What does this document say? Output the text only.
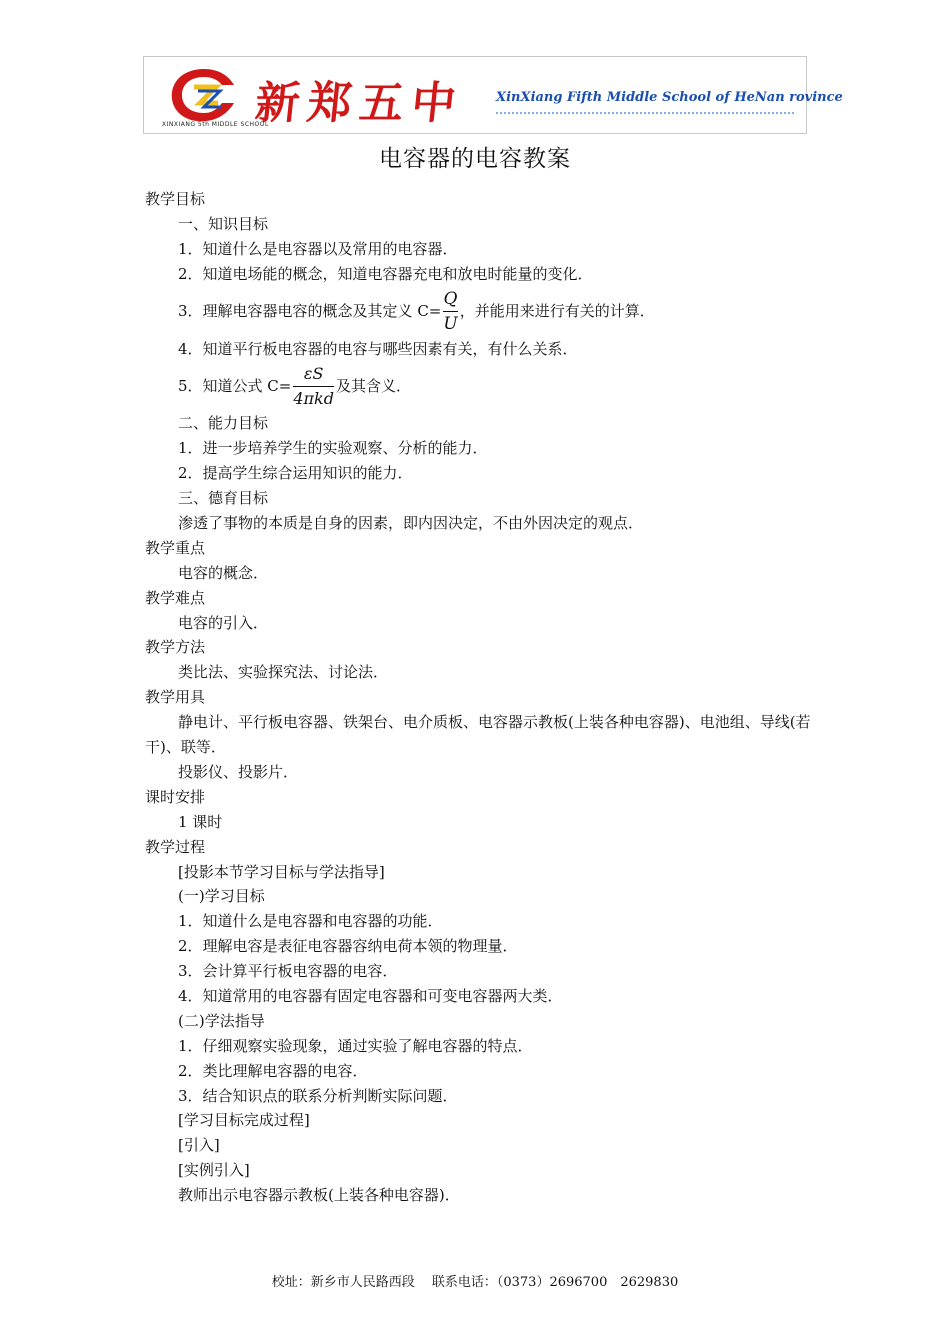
XINXIANG 5th MIDDLE SCHOOL
新郑五中 XinXiang Fifth Middle School of HeNan rovince
电容器的电容教案
教学目标
一、知识目标
1．知道什么是电容器以及常用的电容器．
2．知道电场能的概念，知道电容器充电和放电时能量的变化．
3．理解电容器电容的概念及其定义 $C= \frac{Q}{U}$ ，并能用来进行有关的计算．
4．知道平行板电容器的电容与哪些因素有关，有什么关系．
5．知道公式 $C= \frac{\varepsilon S}{\text{4πkd}}$ 及其含义．
二、能力目标
1．进一步培养学生的实验观察、分析的能力．
2．提高学生综合运用知识的能力．
三、德育目标
渗透了事物的本质是自身的因素，即内因决定，不由外因决定的观点．
教学重点
电容的概念．
教学难点
电容的引入．
教学方法
类比法、实验探究法、讨论法．
教学用具
静电计、平行板电容器、铁架台、电介质板、电容器示教板(上装各种电容器)、电池组、导线(若干)、联等．
投影仪、投影片．
课时安排
1 课时
教学过程
[投影本节学习目标与学法指导]
(一)学习目标
1．知道什么是电容器和电容器的功能．
2．理解电容是表征电容器容纳电荷本领的物理量．
3．会计算平行板电容器的电容．
4．知道常用的电容器有固定电容器和可变电容器两大类．
(二)学法指导
1．仔细观察实验现象，通过实验了解电容器的特点．
2．类比理解电容器的电容．
3．结合知识点的联系分析判断实际问题．
[学习目标完成过程]
[引入]
[实例引入]
教师出示电容器示教板(上装各种电容器)．
校址：新乡市人民路西段　 联系电话：（0373）2696700　2629830
